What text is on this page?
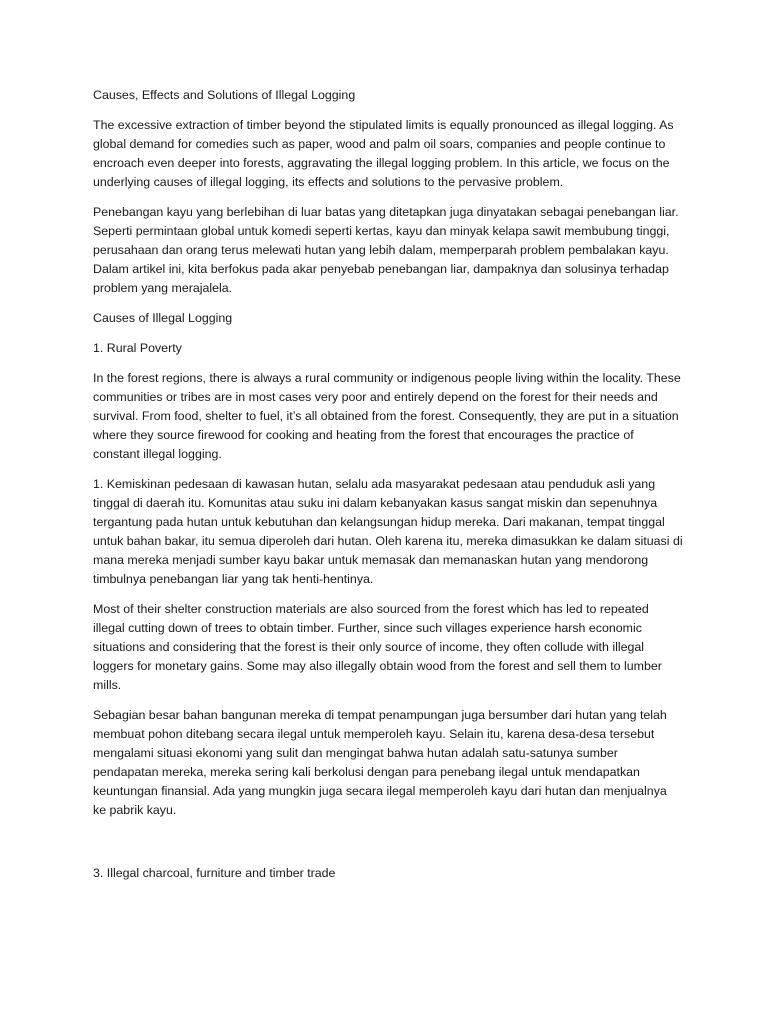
Causes, Effects and Solutions of Illegal Logging

The excessive extraction of timber beyond the stipulated limits is equally pronounced as illegal logging. As global demand for comedies such as paper, wood and palm oil soars, companies and people continue to encroach even deeper into forests, aggravating the illegal logging problem. In this article, we focus on the underlying causes of illegal logging, its effects and solutions to the pervasive problem.

Penebangan kayu yang berlebihan di luar batas yang ditetapkan juga dinyatakan sebagai penebangan liar. Seperti permintaan global untuk komedi seperti kertas, kayu dan minyak kelapa sawit membubung tinggi, perusahaan dan orang terus melewati hutan yang lebih dalam, memperparah problem pembalakan kayu. Dalam artikel ini, kita berfokus pada akar penyebab penebangan liar, dampaknya dan solusinya terhadap problem yang merajalela.

Causes of Illegal Logging

1. Rural Poverty

In the forest regions, there is always a rural community or indigenous people living within the locality. These communities or tribes are in most cases very poor and entirely depend on the forest for their needs and survival. From food, shelter to fuel, it’s all obtained from the forest. Consequently, they are put in a situation where they source firewood for cooking and heating from the forest that encourages the practice of constant illegal logging.

1. Kemiskinan pedesaan di kawasan hutan, selalu ada masyarakat pedesaan atau penduduk asli yang tinggal di daerah itu. Komunitas atau suku ini dalam kebanyakan kasus sangat miskin dan sepenuhnya tergantung pada hutan untuk kebutuhan dan kelangsungan hidup mereka. Dari makanan, tempat tinggal untuk bahan bakar, itu semua diperoleh dari hutan. Oleh karena itu, mereka dimasukkan ke dalam situasi di mana mereka menjadi sumber kayu bakar untuk memasak dan memanaskan hutan yang mendorong timbulnya penebangan liar yang tak henti-hentinya.

Most of their shelter construction materials are also sourced from the forest which has led to repeated illegal cutting down of trees to obtain timber. Further, since such villages experience harsh economic situations and considering that the forest is their only source of income, they often collude with illegal loggers for monetary gains. Some may also illegally obtain wood from the forest and sell them to lumber mills.

Sebagian besar bahan bangunan mereka di tempat penampungan juga bersumber dari hutan yang telah membuat pohon ditebang secara ilegal untuk memperoleh kayu. Selain itu, karena desa-desa tersebut mengalami situasi ekonomi yang sulit dan mengingat bahwa hutan adalah satu-satunya sumber pendapatan mereka, mereka sering kali berkolusi dengan para penebang ilegal untuk mendapatkan keuntungan finansial. Ada yang mungkin juga secara ilegal memperoleh kayu dari hutan dan menjualnya ke pabrik kayu.

3. Illegal charcoal, furniture and timber trade
